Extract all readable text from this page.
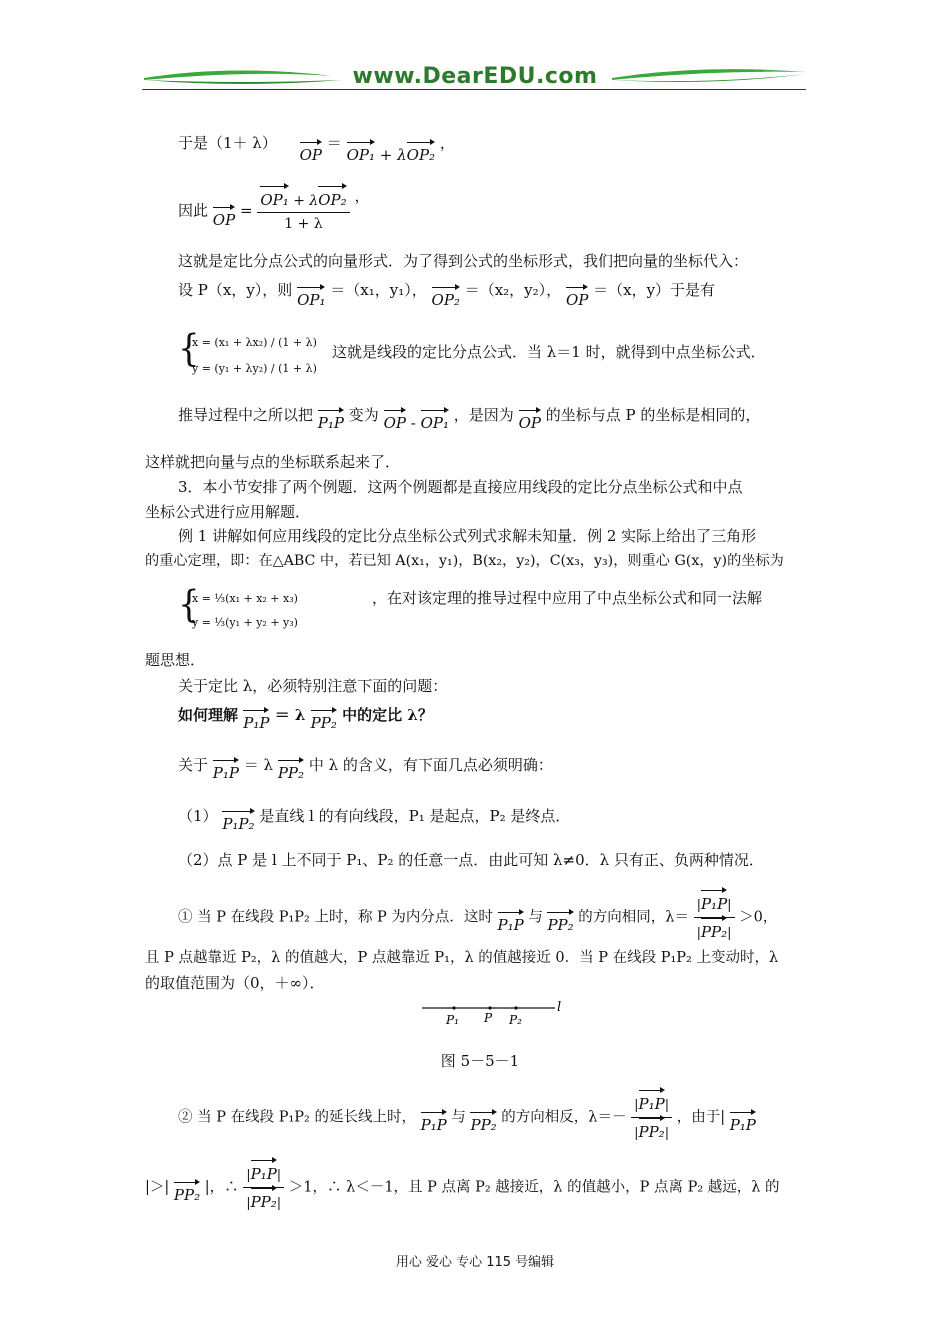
www.DearEDU.com
于是（1＋ λ） OP ＝ OP₁ + λOP₂ ，
因此 OP = $\frac{\text{OP₁ + λOP₂}}{1 + \lambda}$ ，
这就是定比分点公式的向量形式．为了得到公式的坐标形式，我们把向量的坐标代入：
设 P（x，y），则 OP₁ ＝（x₁，y₁）， OP₂ ＝（x₂，y₂）， OP ＝（x，y）于是有
{
x = (x₁ + λx₂) / (1 + λ)
y = (y₁ + λy₂) / (1 + λ)
这就是线段的定比分点公式．当 λ＝1 时，就得到中点坐标公式．
推导过程中之所以把 P₁P 变为 OP - OP₁ ，是因为 OP 的坐标与点 P 的坐标是相同的，
这样就把向量与点的坐标联系起来了．
3．本小节安排了两个例题．这两个例题都是直接应用线段的定比分点坐标公式和中点
坐标公式进行应用解题．
例 1 讲解如何应用线段的定比分点坐标公式列式求解未知量．例 2 实际上给出了三角形
的重心定理，即：在△ABC 中，若已知 A(x₁，y₁)，B(x₂，y₂)，C(x₃，y₃)，则重心 G(x，y)的坐标为
{
x = ⅓(x₁ + x₂ + x₃)
y = ⅓(y₁ + y₂ + y₃)
，在对该定理的推导过程中应用了中点坐标公式和同一法解
题思想．
关于定比 λ，必须特别注意下面的问题：
如何理解 P₁P ＝ λ PP₂ 中的定比 λ？
关于 P₁P ＝ λ PP₂ 中 λ 的含义，有下面几点必须明确：
（1） P₁P₂ 是直线 l 的有向线段，P₁ 是起点，P₂ 是终点．
（2）点 P 是 l 上不同于 P₁、P₂ 的任意一点．由此可知 λ≠0．λ 只有正、负两种情况．
① 当 P 在线段 P₁P₂ 上时，称 P 为内分点．这时 P₁P 与 PP₂ 的方向相同，$\lambda= \frac{\text{|P₁P|}}{\text{|PP₂|}} >0$，
且 P 点越靠近 P₂，λ 的值越大，P 点越靠近 P₁，λ 的值越接近 0．当 P 在线段 P₁P₂ 上变动时，λ
的取值范围为（0，＋∞）．
P₁ P P₂
l
图 5－5－1
② 当 P 在线段 P₁P₂ 的延长线上时， P₁P 与 PP₂ 的方向相反，$\lambda=- \frac{\text{|P₁P|}}{\text{|PP₂|}}$ ，由于| P₁P
|＞| PP₂ |，∴ $\frac{\text{|P₁P|}}{\text{|PP₂|}} >1$，∴ λ＜－1，且 P 点离 P₂ 越接近，λ 的值越小，P 点离 P₂ 越远，λ 的
用心 爱心 专心 115 号编辑
